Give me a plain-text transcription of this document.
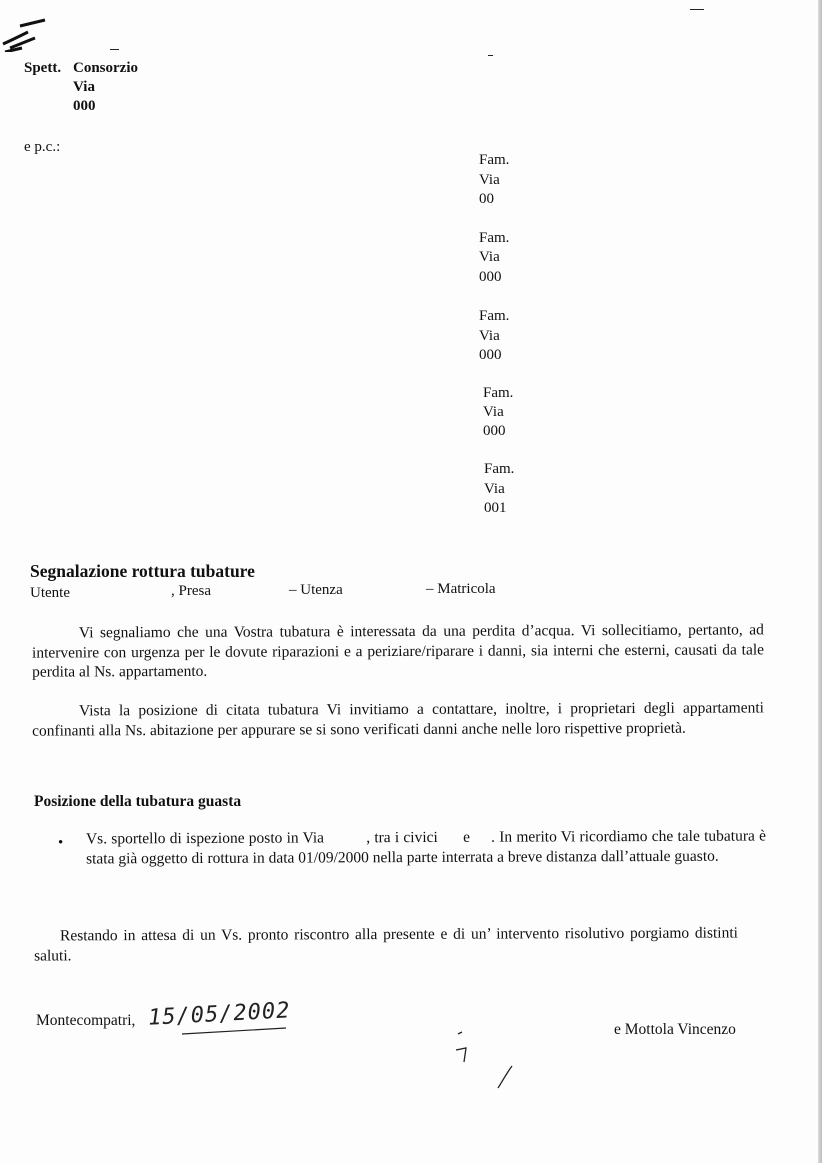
Spett. Consorzio
Via
000
e p.c.:
Fam.
Via
00
Fam.
Via
000
Fam.
Via
000
Fam.
Via
000
Fam.
Via
001
Segnalazione rottura tubature
Utente	, Presa	– Utenza	– Matricola

Vi segnaliamo che una Vostra tubatura è interessata da una perdita d’acqua. Vi sollecitiamo, pertanto, ad intervenire con urgenza per le dovute riparazioni e a periziare/riparare i danni, sia interni che esterni, causati da tale perdita al Ns. appartamento.

Vista la posizione di citata tubatura Vi invitiamo a contattare, inoltre, i proprietari degli appartamenti confinanti alla Ns. abitazione per appurare se si sono verificati danni anche nelle loro rispettive proprietà.

Posizione della tubatura guasta
• Vs. sportello di ispezione posto in Via          , tra i civici      e     . In merito Vi ricordiamo che tale tubatura è stata già oggetto di rottura in data 01/09/2000 nella parte interrata a breve distanza dall’attuale guasto.

Restando in attesa di un Vs. pronto riscontro alla presente e di un’ intervento risolutivo porgiamo distinti saluti.

Montecompatri, 15/05/2002	e Mottola Vincenzo
